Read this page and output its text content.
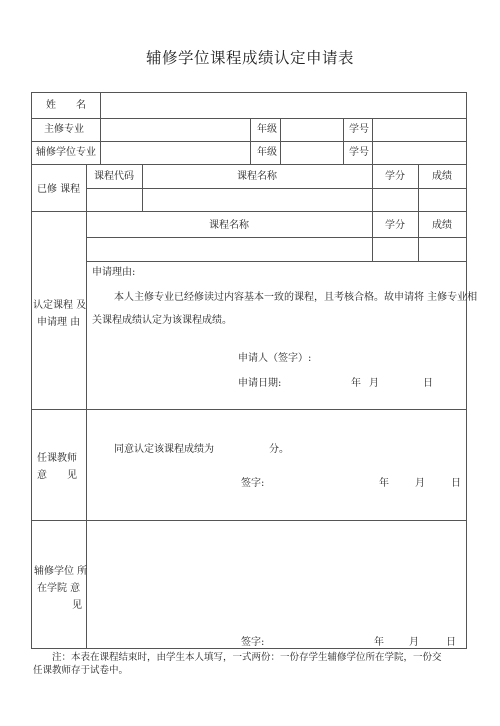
辅修学位课程成绩认定申请表
姓　　名
主修专业	年级	学号
辅修学位专业	年级	学号
已修 课程
课程代码	课程名称	学分	成绩
认定课程 及
申请理 由
课程名称	学分	成绩
申请理由:
本人主修专业已经修读过内容基本一致的课程，且考核合格。故申请将 主修专业相
关课程成绩认定为该课程成绩。
申请人（签字）:
申请日期:	年 月	日
任课教师
意　　见
同意认定该课程成绩为	分。
签字:	年	月	日
辅修学位 所
在学院 意
见
签字:	年	月	日
注：本表在课程结束时，由学生本人填写，一式两份：一份存学生辅修学位所在学院，一份交
任课教师存于试卷中。
